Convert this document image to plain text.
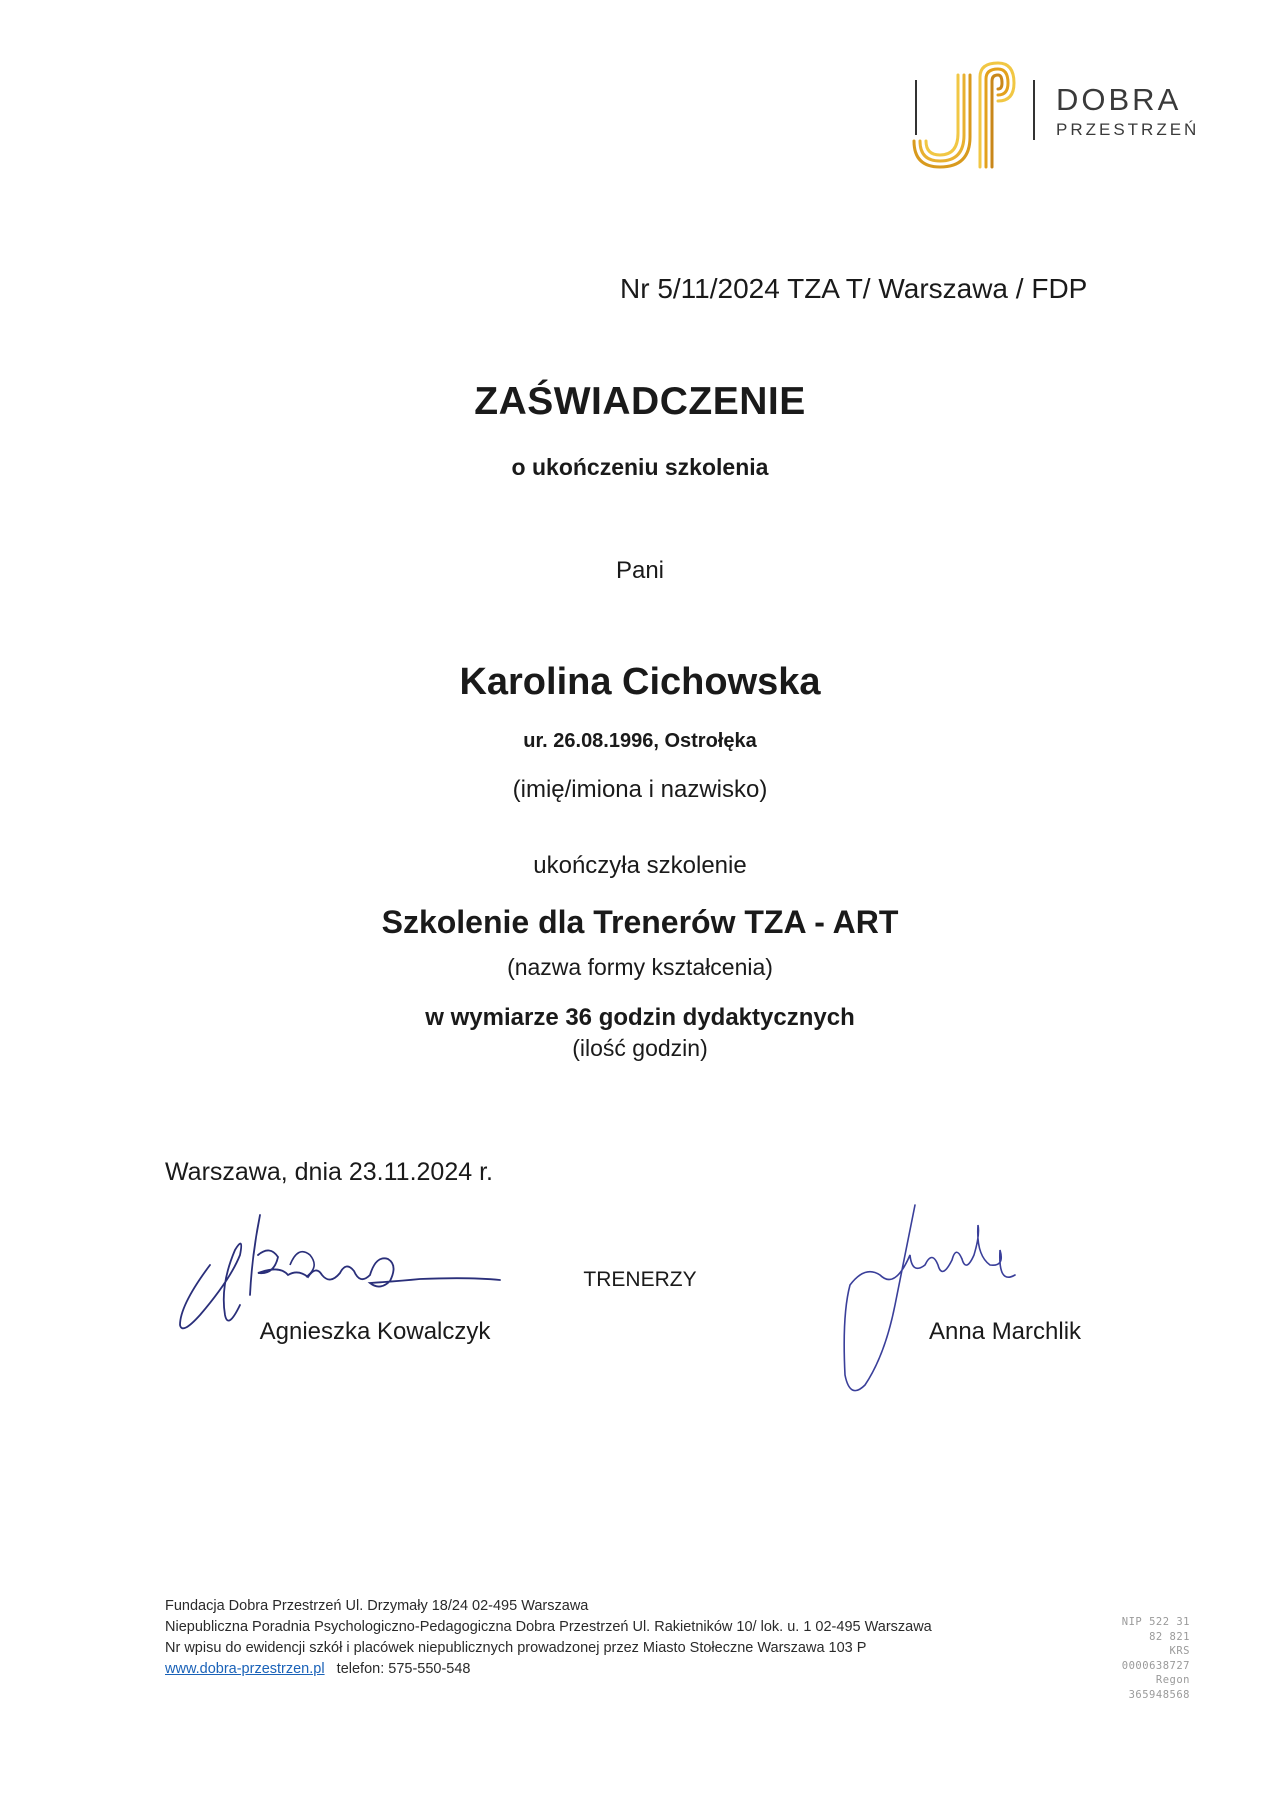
DOBRA
PRZESTRZEŃ
Nr 5/11/2024 TZA T/ Warszawa / FDP
ZAŚWIADCZENIE
o ukończeniu szkolenia
Pani
Karolina Cichowska
ur. 26.08.1996, Ostrołęka
(imię/imiona i nazwisko)
ukończyła szkolenie
Szkolenie dla Trenerów TZA - ART
(nazwa formy kształcenia)
w wymiarze 36 godzin dydaktycznych
(ilość godzin)
Warszawa, dnia 23.11.2024 r.
TRENERZY
Agnieszka Kowalczyk	Anna Marchlik
Fundacja Dobra Przestrzeń Ul. Drzymały 18/24 02-495 Warszawa
Niepubliczna Poradnia Psychologiczno-Pedagogiczna Dobra Przestrzeń Ul. Rakietników 10/ lok. u. 1 02-495 Warszawa
Nr wpisu do ewidencji szkół i placówek niepublicznych prowadzonej przez Miasto Stołeczne Warszawa 103 P
www.dobra-przestrzen.pl telefon: 575-550-548
NIP 522 31
82 821
KRS
0000638727
Regon
365948568
